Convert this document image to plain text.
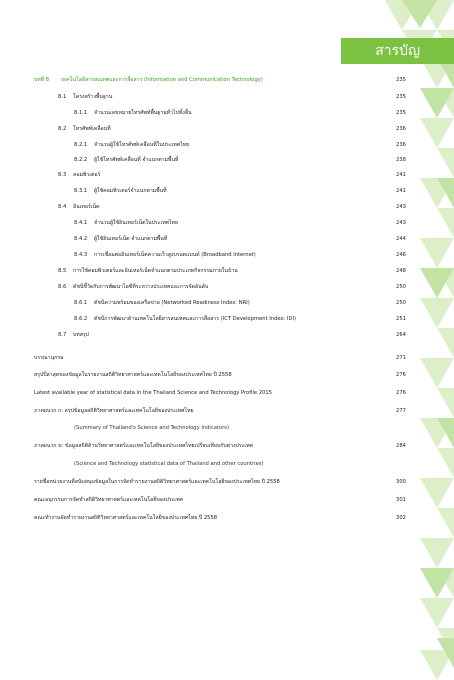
สารบัญ
บทที่ 8 เทคโนโลยีสารสนเทศและการสื่อสาร (Information and Communication Technology)	235
8.1 โครงสร้างพื้นฐาน	235
8.1.1 จำนวนเลขหมายโทรศัพท์พื้นฐานทั่วไปทั้งสิ้น	235
8.2 โทรศัพท์เคลื่อนที่	236
8.2.1 จำนวนผู้ใช้โทรศัพท์เคลื่อนที่ในประเทศไทย	236
8.2.2 ผู้ใช้โทรศัพท์เคลื่อนที่ จำแนกตามพื้นที่	238
8.3 คอมพิวเตอร์	241
8.3.1 ผู้ใช้คอมพิวเตอร์จำแนกตามพื้นที่	241
8.4 อินเทอร์เน็ต	243
8.4.1 จำนวนผู้ใช้อินเทอร์เน็ตในประเทศไทย	243
8.4.2 ผู้ใช้อินเทอร์เน็ต จำแนกตามพื้นที่	244
8.4.3 การเชื่อมต่ออินเทอร์เน็ตความเร็วสูงบรอดแบนด์ (Broadband Internet)	246
8.5 การใช้คอมพิวเตอร์และอินเทอร์เน็ตจำแนกตามประเภทกิจกรรมภายในบ้าน	248
8.6 ดัชนีชี้วัดกับการพัฒนาไอซีทีระหว่างประเทศและการจัดอันดับ	250
8.6.1 ดัชนีความพร้อมของเครือข่าย (Networked Readiness Index: NRI)	250
8.6.2 ดัชนีการพัฒนาด้านเทคโนโลยีสารสนเทศและการสื่อสาร (ICT Development Index: IDI)	251
8.7 บทสรุป	264
บรรณานุกรม	271
สรุปปีล่าสุดของข้อมูลในรายงานสถิติวิทยาศาสตร์และเทคโนโลยีของประเทศไทย ปี 2558	276
Latest available year of statistical data in the Thailand Science and Technology Profile 2015	276
ภาคผนวก ก: สรุปข้อมูลสถิติวิทยาศาสตร์และเทคโนโลยีของประเทศไทย	277
(Summary of Thailand's Science and Technology Indicators)
ภาคผนวก ข: ข้อมูลสถิติด้านวิทยาศาสตร์และเทคโนโลยีของประเทศไทยเปรียบเทียบกับต่างประเทศ	284
(Science and Technology statistical data of Thailand and other countries)
รายชื่อหน่วยงานที่สนับสนุนข้อมูลในการจัดทำรายงานสถิติวิทยาศาสตร์และเทคโนโลยีของประเทศไทย ปี 2558	300
คณะอนุกรรมการจัดทำสถิติวิทยาศาสตร์และเทคโนโลยีของประเทศ	301
คณะทำงานจัดทำรายงานสถิติวิทยาศาสตร์และเทคโนโลยีของประเทศไทย ปี 2558	302
